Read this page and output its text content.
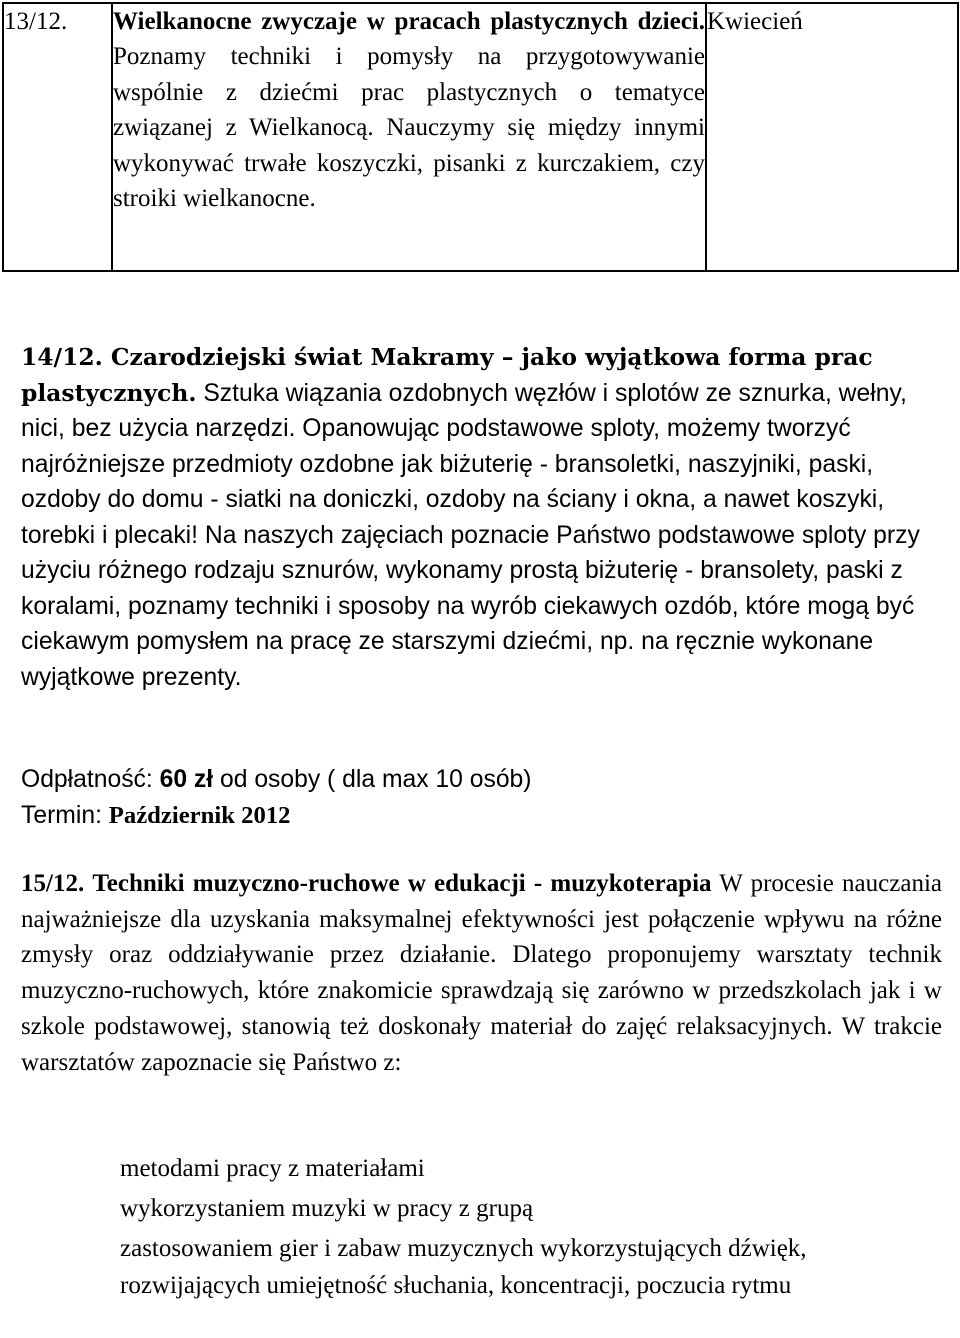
13/12.	Wielkanocne zwyczaje w pracach plastycznych dzieci. Poznamy techniki i pomysły na przygotowywanie wspólnie z dziećmi prac plastycznych o tematyce związanej z Wielkanocą. Nauczymy się między innymi wykonywać trwałe koszyczki, pisanki z kurczakiem, czy stroiki wielkanocne.	Kwiecień
14/12. Czarodziejski świat Makramy – jako wyjątkowa forma prac plastycznych. Sztuka wiązania ozdobnych węzłów i splotów ze sznurka, wełny, nici, bez użycia narzędzi. Opanowując podstawowe sploty, możemy tworzyć najróżniejsze przedmioty ozdobne jak biżuterię - bransoletki, naszyjniki, paski, ozdoby do domu - siatki na doniczki, ozdoby na ściany i okna, a nawet koszyki, torebki i plecaki! Na naszych zajęciach poznacie Państwo podstawowe sploty przy użyciu różnego rodzaju sznurów, wykonamy prostą biżuterię - bransolety, paski z koralami, poznamy techniki i sposoby na wyrób ciekawych ozdób, które mogą być ciekawym pomysłem na pracę ze starszymi dziećmi, np. na ręcznie wykonane wyjątkowe prezenty.
Odpłatność: 60 zł od osoby ( dla max 10 osób)
Termin: Październik 2012
15/12. Techniki muzyczno-ruchowe w edukacji - muzykoterapia W procesie nauczania najważniejsze dla uzyskania maksymalnej efektywności jest połączenie wpływu na różne zmysły oraz oddziaływanie przez działanie. Dlatego proponujemy warsztaty technik muzyczno-ruchowych, które znakomicie sprawdzają się zarówno w przedszkolach jak i w szkole podstawowej, stanowią też doskonały materiał do zajęć relaksacyjnych. W trakcie warsztatów zapoznacie się Państwo z:
metodami pracy z materiałami
wykorzystaniem muzyki w pracy z grupą
zastosowaniem gier i zabaw muzycznych wykorzystujących dźwięk, rozwijających umiejętność słuchania, koncentracji, poczucia rytmu
